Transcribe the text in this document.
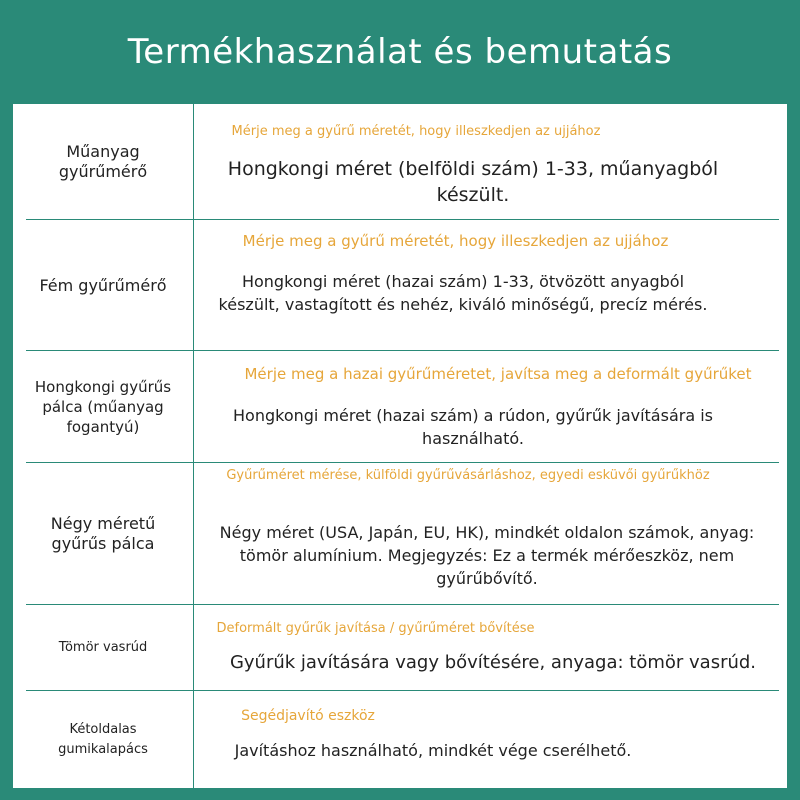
Termékhasználat és bemutatás
Műanyag gyűrűmérő
Mérje meg a gyűrű méretét, hogy illeszkedjen az ujjához
Hongkongi méret (belföldi szám) 1-33, műanyagból készült.
Fém gyűrűmérő
Mérje meg a gyűrű méretét, hogy illeszkedjen az ujjához
Hongkongi méret (hazai szám) 1-33, ötvözött anyagból készült, vastagított és nehéz, kiváló minőségű, precíz mérés.
Hongkongi gyűrűs pálca (műanyag fogantyú)
Mérje meg a hazai gyűrűméretet, javítsa meg a deformált gyűrűket
Hongkongi méret (hazai szám) a rúdon, gyűrűk javítására is használható.
Négy méretű gyűrűs pálca
Gyűrűméret mérése, külföldi gyűrűvásárláshoz, egyedi esküvői gyűrűkhöz
Négy méret (USA, Japán, EU, HK), mindkét oldalon számok, anyag: tömör alumínium. Megjegyzés: Ez a termék mérőeszköz, nem gyűrűbővítő.
Tömör vasrúd
Deformált gyűrűk javítása / gyűrűméret bővítése
Gyűrűk javítására vagy bővítésére, anyaga: tömör vasrúd.
Kétoldalas gumikalapács
Segédjavító eszköz
Javításhoz használható, mindkét vége cserélhető.
